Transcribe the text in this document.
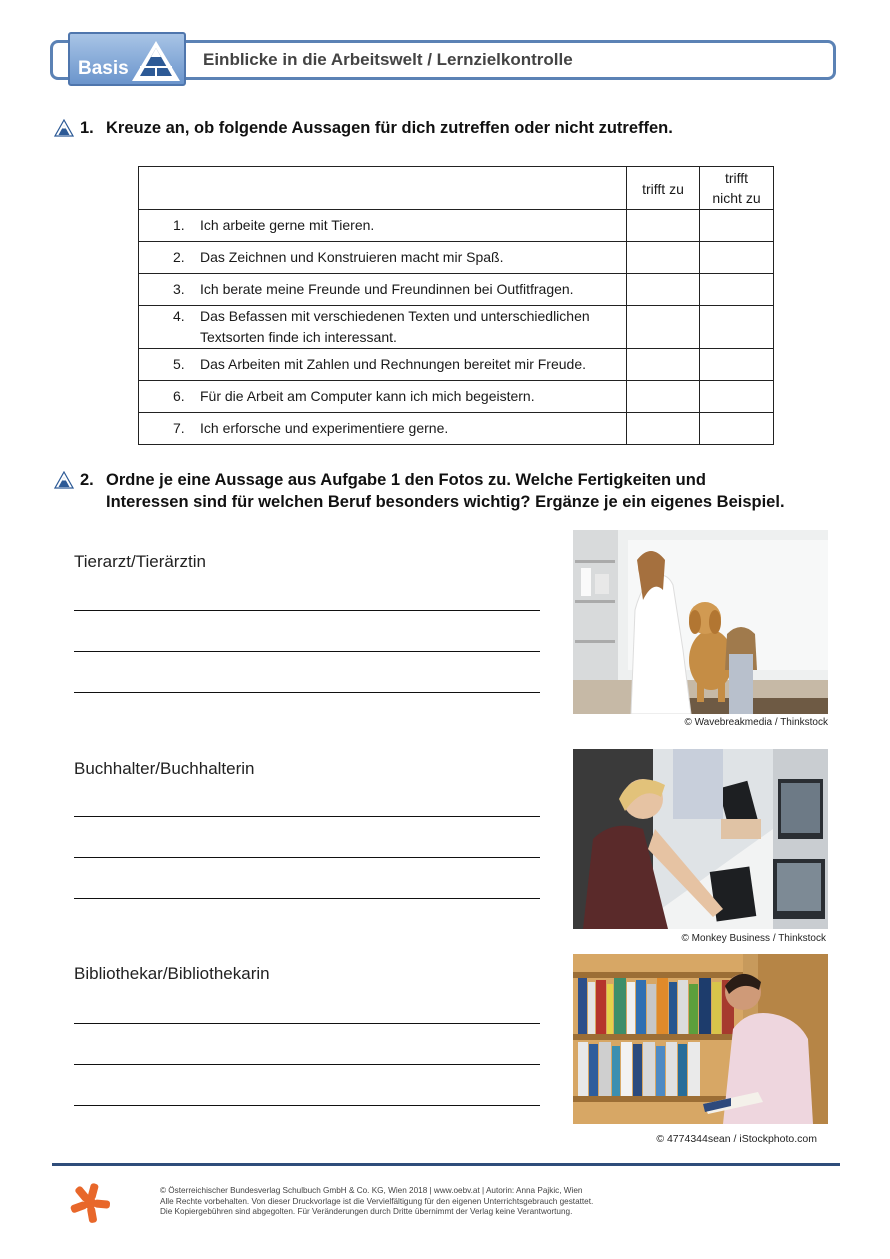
Basis	Einblicke in die Arbeitswelt / Lernzielkontrolle
1. Kreuze an, ob folgende Aussagen für dich zutreffen oder nicht zutreffen.
	trifft zu	trifft
nicht zu

1. Ich arbeite gerne mit Tieren.		

2. Das Zeichnen und Konstruieren macht mir Spaß.		

3. Ich berate meine Freunde und Freundinnen bei Outfitfragen.		

4. Das Befassen mit verschiedenen Texten und unterschiedlichen Textsorten finde ich interessant.		

5. Das Arbeiten mit Zahlen und Rechnungen bereitet mir Freude.		

6. Für die Arbeit am Computer kann ich mich begeistern.		

7. Ich erforsche und experimentiere gerne.		

2. Ordne je eine Aussage aus Aufgabe 1 den Fotos zu. Welche Fertigkeiten und
Interessen sind für welchen Beruf besonders wichtig? Ergänze je ein eigenes Beispiel.
Tierarzt/Tierärztin
© Wavebreakmedia / Thinkstock
Buchhalter/Buchhalterin
© Monkey Business / Thinkstock
Bibliothekar/Bibliothekarin
© 4774344sean / iStockphoto.com
© Österreichischer Bundesverlag Schulbuch GmbH & Co. KG, Wien 2018 | www.oebv.at | Autorin: Anna Pajkic, Wien
Alle Rechte vorbehalten. Von dieser Druckvorlage ist die Vervielfältigung für den eigenen Unterrichtsgebrauch gestattet.
Die Kopiergebühren sind abgegolten. Für Veränderungen durch Dritte übernimmt der Verlag keine Verantwortung.
